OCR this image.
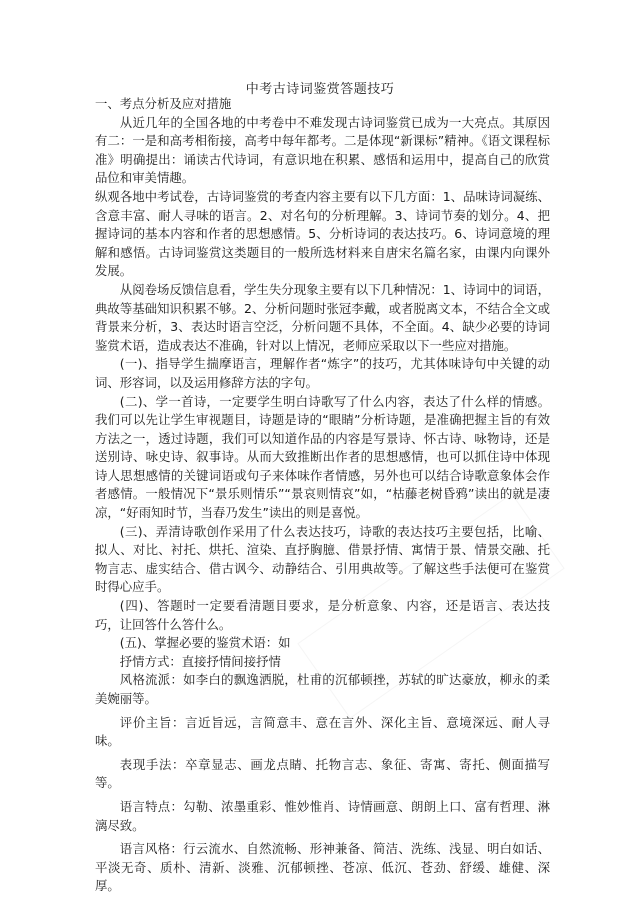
中考古诗词鉴赏答题技巧

一、考点分析及应对措施

从近几年的全国各地的中考卷中不难发现古诗词鉴赏已成为一大亮点。其原因有二：一是和高考相衔接，高考中每年都考。二是体现“新课标”精神。《语文课程标准》明确提出：诵读古代诗词，有意识地在积累、感悟和运用中，提高自己的欣赏品位和审美情趣。

纵观各地中考试卷，古诗词鉴赏的考查内容主要有以下几方面：1、品味诗词凝练、含意丰富、耐人寻味的语言。2、对名句的分析理解。3、诗词节奏的划分。4、把握诗词的基本内容和作者的思想感情。5、分析诗词的表达技巧。6、诗词意境的理解和感悟。古诗词鉴赏这类题目的一般所选材料来自唐宋名篇名家，由课内向课外发展。

从阅卷场反馈信息看，学生失分现象主要有以下几种情况：1、诗词中的词语，典故等基础知识积累不够。2、分析问题时张冠李戴，或者脱离文本，不结合全文或背景来分析，3、表达时语言空泛，分析问题不具体，不全面。4、缺少必要的诗词鉴赏术语，造成表达不准确，针对以上情况，老师应采取以下一些应对措施。

(一)、指导学生揣摩语言，理解作者“炼字”的技巧，尤其体味诗句中关键的动词、形容词，以及运用修辞方法的字句。

(二)、学一首诗，一定要学生明白诗歌写了什么内容，表达了什么样的情感。我们可以先让学生审视题目，诗题是诗的“眼睛”分析诗题，是准确把握主旨的有效方法之一，透过诗题，我们可以知道作品的内容是写景诗、怀古诗、咏物诗，还是送别诗、咏史诗、叙事诗。从而大致推断出作者的思想感情，也可以抓住诗中体现诗人思想感情的关键词语或句子来体味作者情感，另外也可以结合诗歌意象体会作者感情。一般情况下“景乐则情乐”“景哀则情哀”如，“枯藤老树昏鸦”读出的就是凄凉，“好雨知时节，当春乃发生”读出的则是喜悦。

(三)、弄清诗歌创作采用了什么表达技巧，诗歌的表达技巧主要包括，比喻、拟人、对比、衬托、烘托、渲染、直抒胸臆、借景抒情、寓情于景、情景交融、托物言志、虚实结合、借古讽今、动静结合、引用典故等。了解这些手法便可在鉴赏时得心应手。

(四)、答题时一定要看清题目要求，是分析意象、内容，还是语言、表达技巧，让回答什么答什么。

(五)、掌握必要的鉴赏术语：如

抒情方式：直接抒情间接抒情

风格流派：如李白的飘逸洒脱，杜甫的沉郁顿挫，苏轼的旷达豪放，柳永的柔美婉丽等。

评价主旨：言近旨远，言简意丰、意在言外、深化主旨、意境深远、耐人寻味。

表现手法：卒章显志、画龙点睛、托物言志、象征、寄寓、寄托、侧面描写等。

语言特点：勾勒、浓墨重彩、惟妙惟肖、诗情画意、朗朗上口、富有哲理、淋漓尽致。

语言风格：行云流水、自然流畅、形神兼备、简洁、洗练、浅显、明白如话、平淡无奇、质朴、清新、淡雅、沉郁顿挫、苍凉、低沉、苍劲、舒缓、雄健、深厚。
